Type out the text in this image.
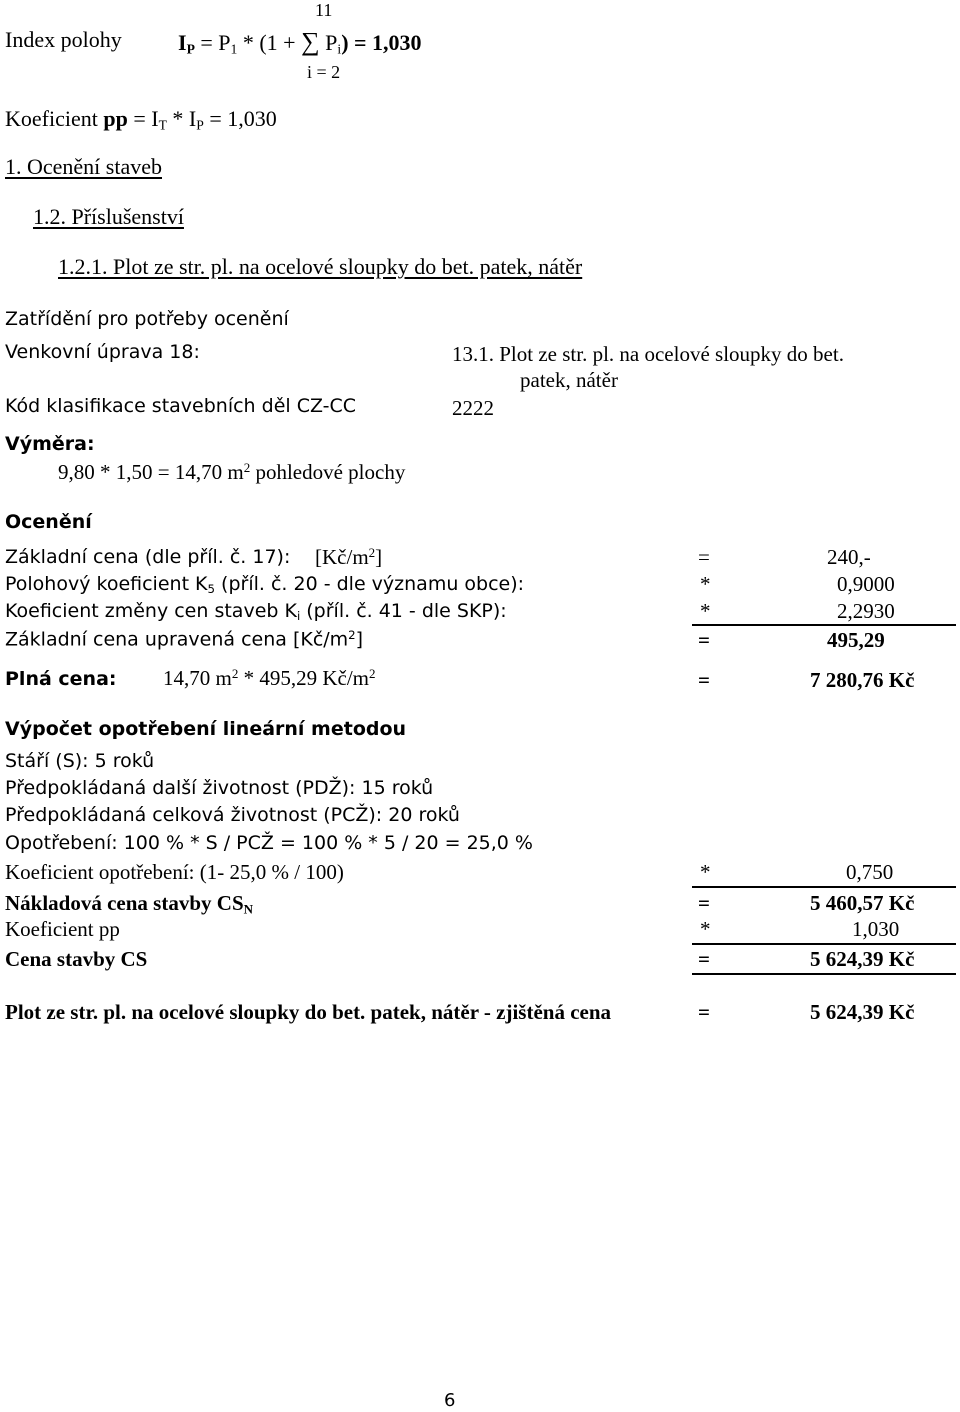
Index polohy	$I_P = P_1 * (1$ + ∑ $P_i) = 1,030$
11
i = 2
Koeficient pp = $I_T * I_P = 1,030$
1. Ocenění staveb
1.2. Příslušenství
1.2.1. Plot ze str. pl. na ocelové sloupky do bet. patek, nátěr
Zatřídění pro potřeby ocenění
Venkovní úprava 18:	13.1. Plot ze str. pl. na ocelové sloupky do bet.
patek, nátěr
Kód klasifikace stavebních děl CZ-CC	2222
Výměra:
9,80 * 1,50 = 14,70 $m^2$ pohledové plochy
Ocenění
Základní cena (dle příl. č. 17): $[Kč/m^2]$	=	240,-
Polohový koeficient $K_5$ (příl. č. 20 - dle významu obce):	*	0,9000
Koeficient změny cen staveb $K_i$ (příl. č. 41 - dle SKP):	*	2,2930
Základní cena upravená cena $[Kč/m^2]$	=	495,29
Plná cena: 14,70 $m^2 * 495,29$ $Kč/m^2$	=	7 280,76 Kč
Výpočet opotřebení lineární metodou
Stáří (S): 5 roků
Předpokládaná další životnost (PDŽ): 15 roků
Předpokládaná celková životnost (PCŽ): 20 roků
Opotřebení: 100 % * S / PCŽ = 100 % * 5 / 20 = 25,0 %
Koeficient opotřebení: (1- 25,0 % / 100)	*	0,750
Nákladová cena stavby $CS_N$	=	5 460,57 Kč
Koeficient pp	*	1,030
Cena stavby CS	=	5 624,39 Kč
Plot ze str. pl. na ocelové sloupky do bet. patek, nátěr - zjištěná cena	=	5 624,39 Kč
6
